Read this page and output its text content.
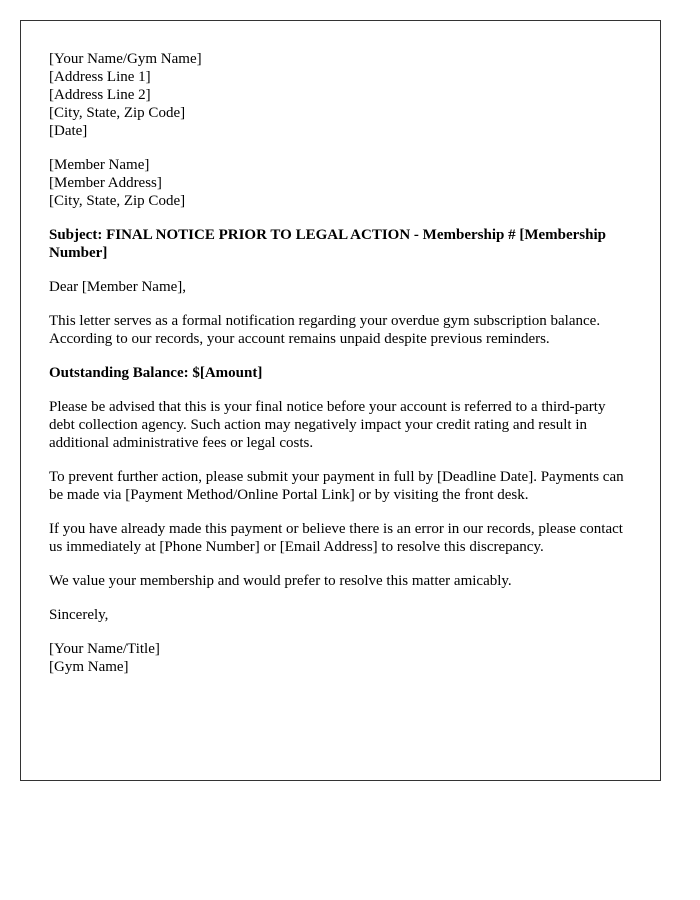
[Your Name/Gym Name]
[Address Line 1]
[Address Line 2]
[City, State, Zip Code]
[Date]
[Member Name]
[Member Address]
[City, State, Zip Code]

Subject: FINAL NOTICE PRIOR TO LEGAL ACTION - Membership # [Membership Number]

Dear [Member Name],

This letter serves as a formal notification regarding your overdue gym subscription balance. According to our records, your account remains unpaid despite previous reminders.

Outstanding Balance: $[Amount]

Please be advised that this is your final notice before your account is referred to a third-party debt collection agency. Such action may negatively impact your credit rating and result in additional administrative fees or legal costs.

To prevent further action, please submit your payment in full by [Deadline Date]. Payments can be made via [Payment Method/Online Portal Link] or by visiting the front desk.

If you have already made this payment or believe there is an error in our records, please contact us immediately at [Phone Number] or [Email Address] to resolve this discrepancy.

We value your membership and would prefer to resolve this matter amicably.

Sincerely,

[Your Name/Title]
[Gym Name]
